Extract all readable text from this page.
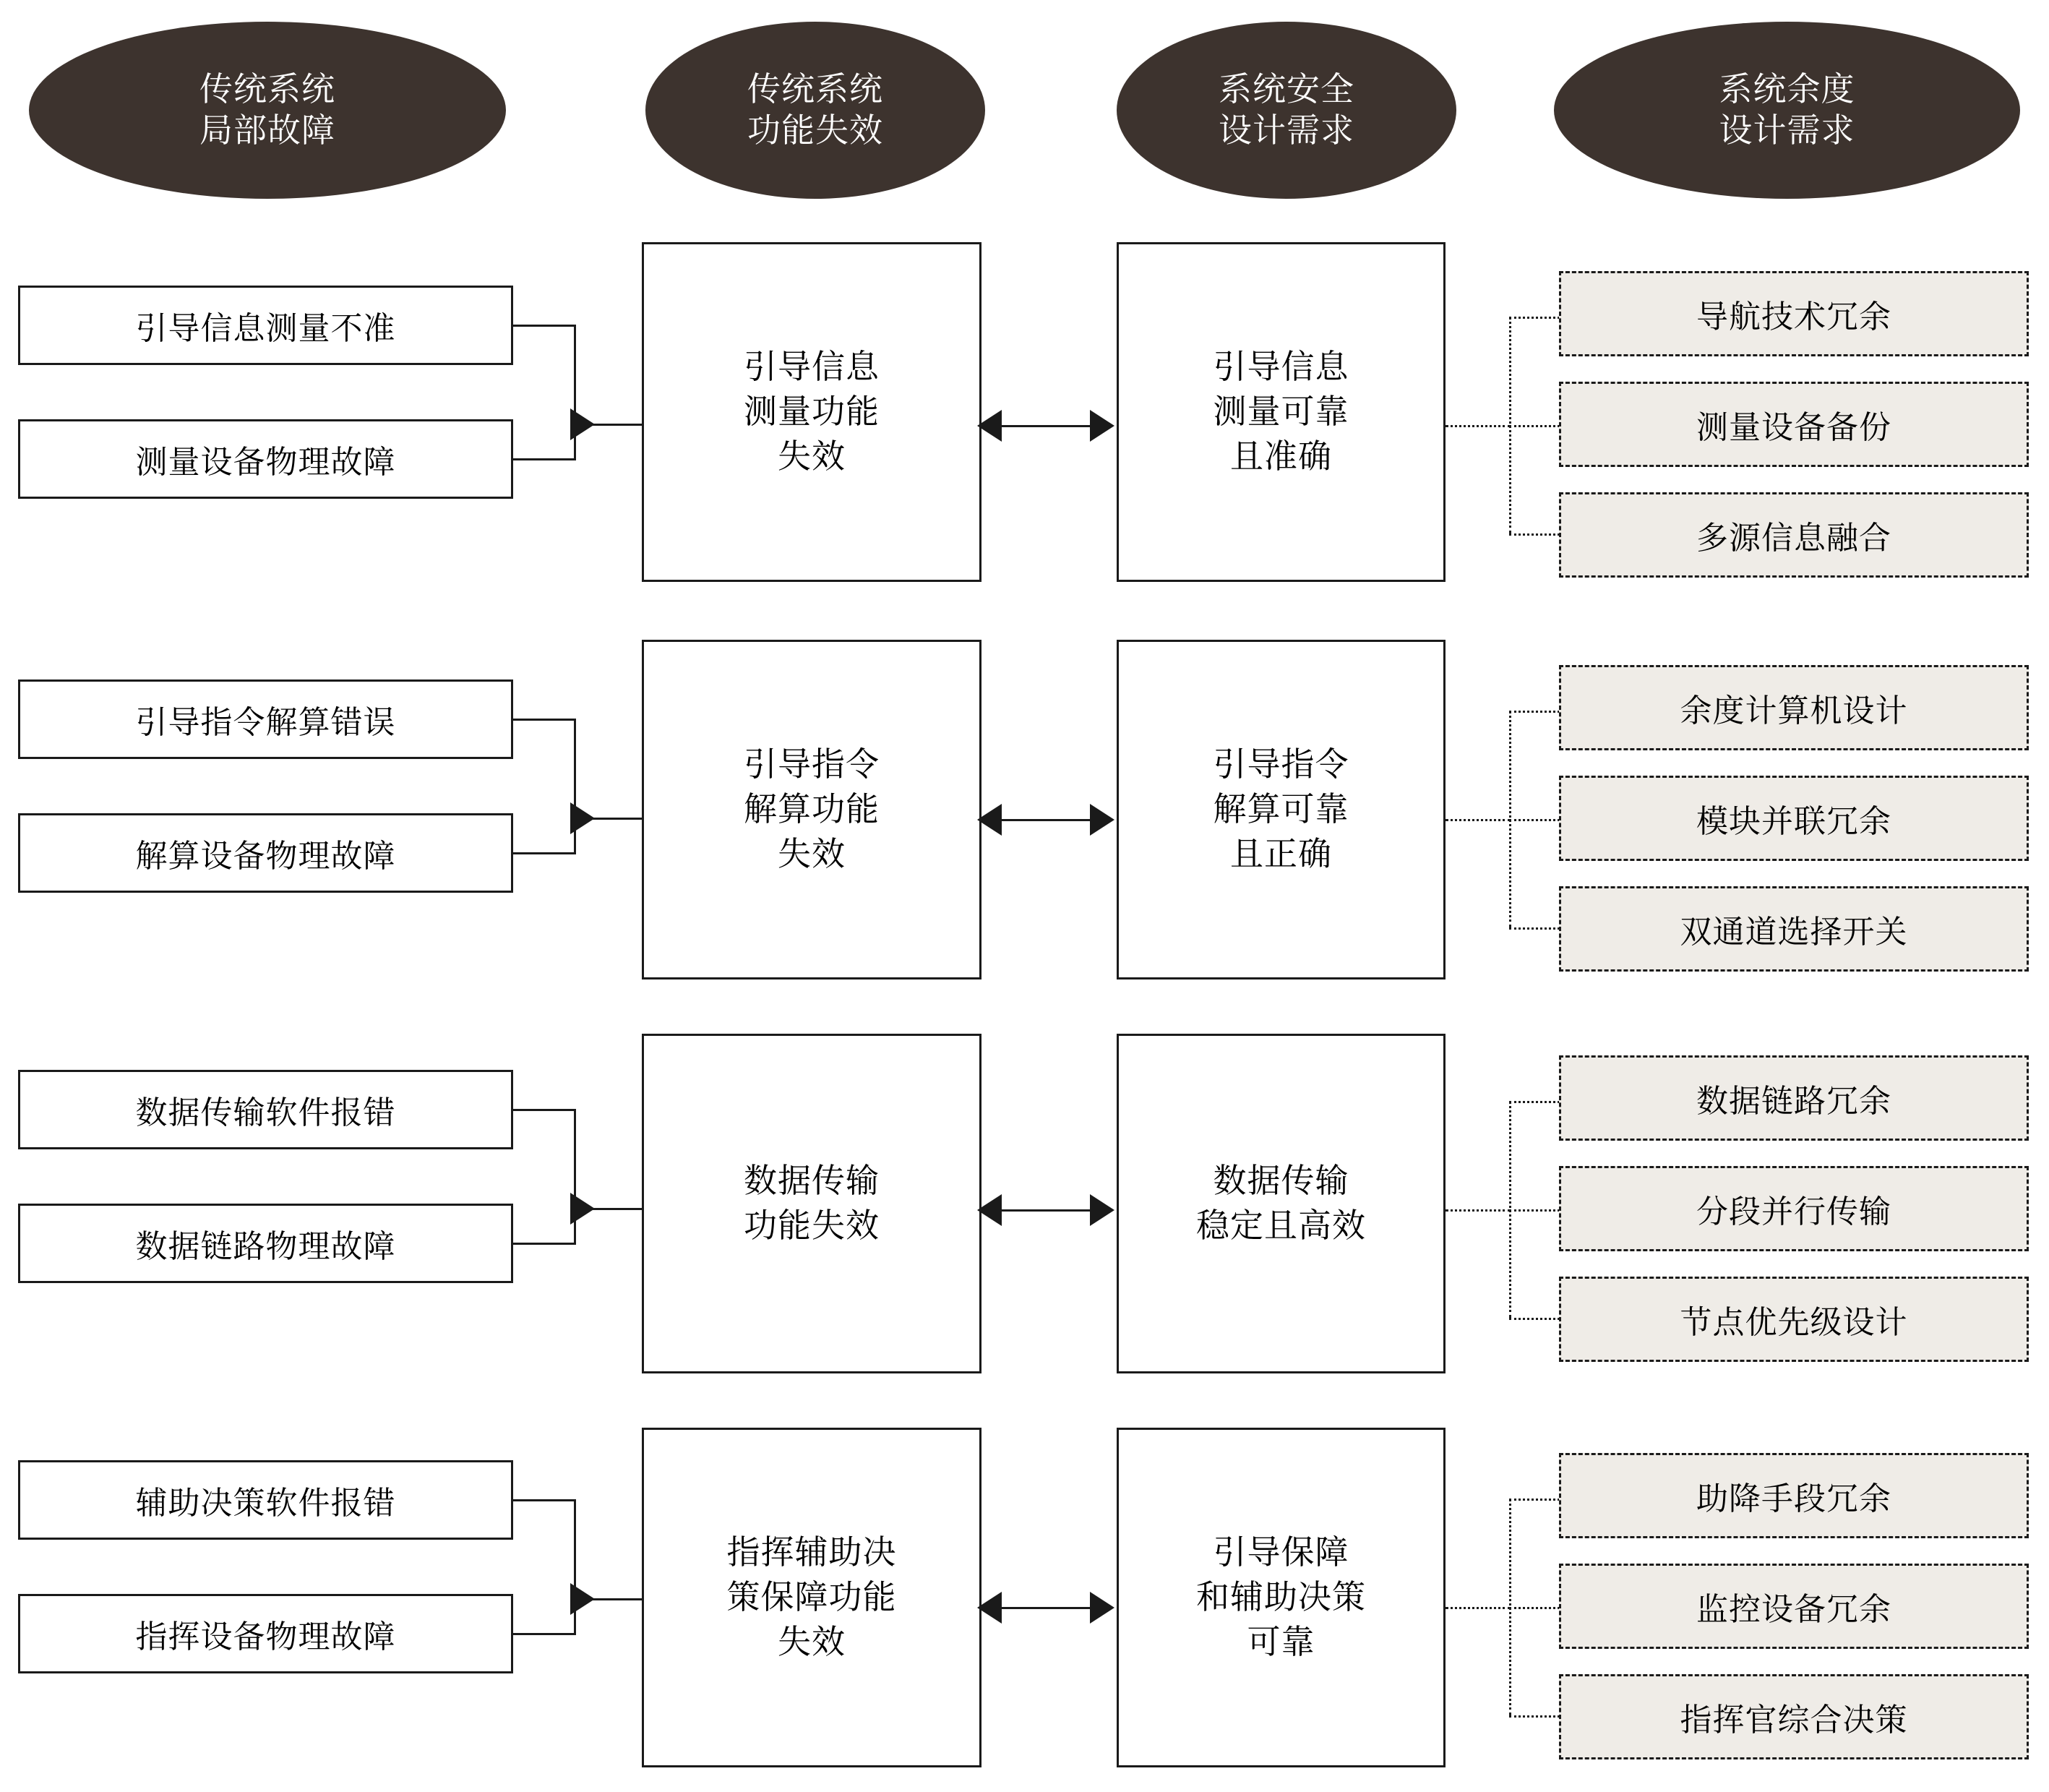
传统系统
局部故障
传统系统
功能失效
系统安全
设计需求
系统余度
设计需求
引导信息测量不准
测量设备物理故障
引导信息
测量功能
失效
引导信息
测量可靠
且准确
导航技术冗余
测量设备备份
多源信息融合
引导指令解算错误
解算设备物理故障
引导指令
解算功能
失效
引导指令
解算可靠
且正确
余度计算机设计
模块并联冗余
双通道选择开关
数据传输软件报错
数据链路物理故障
数据传输
功能失效
数据传输
稳定且高效
数据链路冗余
分段并行传输
节点优先级设计
辅助决策软件报错
指挥设备物理故障
指挥辅助决
策保障功能
失效
引导保障
和辅助决策
可靠
助降手段冗余
监控设备冗余
指挥官综合决策
